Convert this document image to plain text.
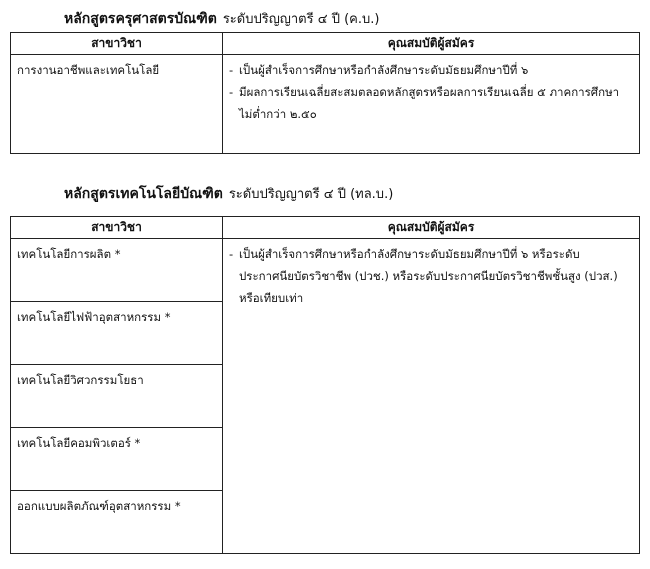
หลักสูตรครุศาสตรบัณฑิต ระดับปริญญาตรี ๔ ปี (ค.บ.)
สาขาวิชา	คุณสมบัติผู้สมัคร
การงานอาชีพและเทคโนโลยี	- เป็นผู้สำเร็จการศึกษาหรือกำลังศึกษาระดับมัธยมศึกษาปีที่ ๖
- มีผลการเรียนเฉลี่ยสะสมตลอดหลักสูตรหรือผลการเรียนเฉลี่ย ๕ ภาคการศึกษา ไม่ต่ำกว่า ๒.๕๐
หลักสูตรเทคโนโลยีบัณฑิต ระดับปริญญาตรี ๔ ปี (ทล.บ.)
สาขาวิชา	คุณสมบัติผู้สมัคร
เทคโนโลยีการผลิต *	- เป็นผู้สำเร็จการศึกษาหรือกำลังศึกษาระดับมัธยมศึกษาปีที่ ๖ หรือระดับประกาศนียบัตรวิชาชีพ (ปวช.) หรือระดับประกาศนียบัตรวิชาชีพชั้นสูง (ปวส.) หรือเทียบเท่า

เทคโนโลยีไฟฟ้าอุตสาหกรรม *	
เทคโนโลยีวิศวกรรมโยธา	
เทคโนโลยีคอมพิวเตอร์ *	
ออกแบบผลิตภัณฑ์อุตสาหกรรม *	
